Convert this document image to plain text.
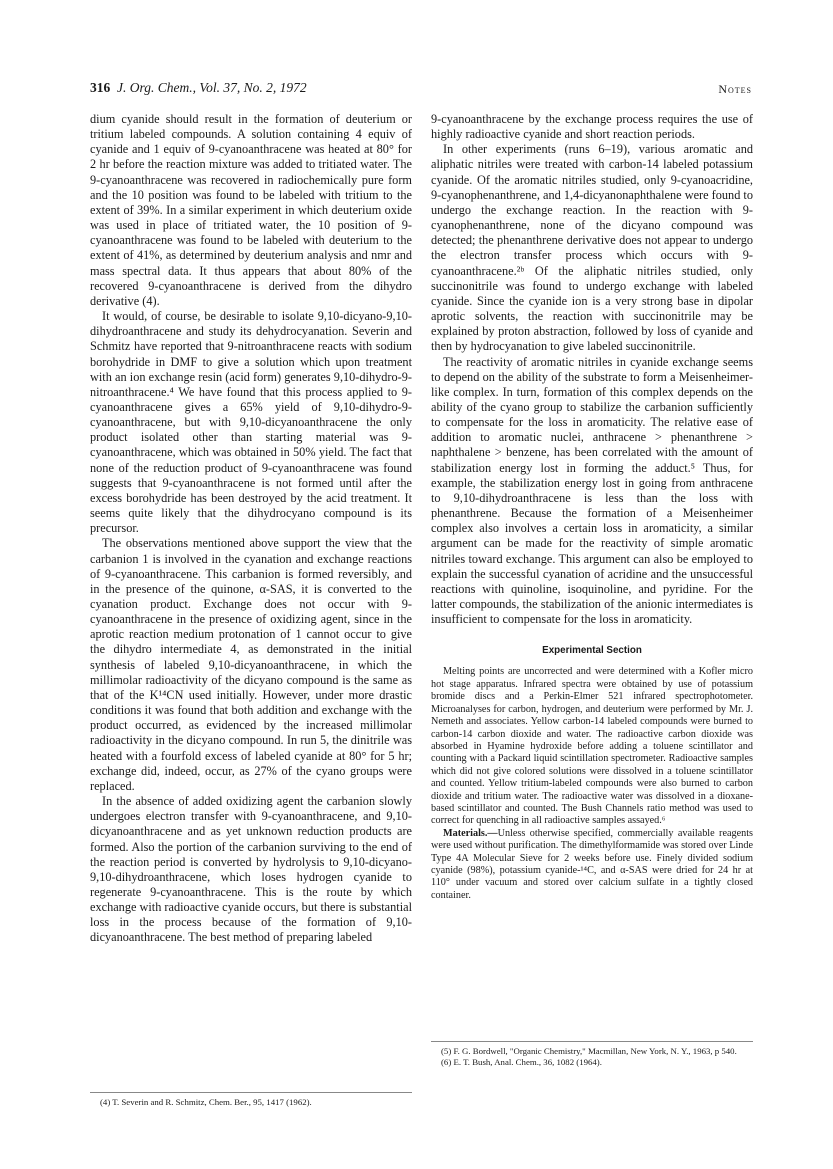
316 J. Org. Chem., Vol. 37, No. 2, 1972	Notes

dium cyanide should result in the formation of deuterium or tritium labeled compounds. A solution containing 4 equiv of cyanide and 1 equiv of 9-cyanoanthracene was heated at 80° for 2 hr before the reaction mixture was added to tritiated water. The 9-cyanoanthracene was recovered in radiochemically pure form and the 10 position was found to be labeled with tritium to the extent of 39%. In a similar experiment in which deuterium oxide was used in place of tritiated water, the 10 position of 9-cyanoanthracene was found to be labeled with deuterium to the extent of 41%, as determined by deuterium analysis and nmr and mass spectral data. It thus appears that about 80% of the recovered 9-cyanoanthracene is derived from the dihydro derivative (4).

It would, of course, be desirable to isolate 9,10-dicyano-9,10-dihydroanthracene and study its dehydrocyanation. Severin and Schmitz have reported that 9-nitroanthracene reacts with sodium borohydride in DMF to give a solution which upon treatment with an ion exchange resin (acid form) generates 9,10-dihydro-9-nitroanthracene.⁴ We have found that this process applied to 9-cyanoanthracene gives a 65% yield of 9,10-dihydro-9-cyanoanthracene, but with 9,10-dicyanoanthracene the only product isolated other than starting material was 9-cyanoanthracene, which was obtained in 50% yield. The fact that none of the reduction product of 9-cyanoanthracene was found suggests that 9-cyanoanthracene is not formed until after the excess borohydride has been destroyed by the acid treatment. It seems quite likely that the dihydrocyano compound is its precursor.

The observations mentioned above support the view that the carbanion 1 is involved in the cyanation and exchange reactions of 9-cyanoanthracene. This carbanion is formed reversibly, and in the presence of the quinone, α-SAS, it is converted to the cyanation product. Exchange does not occur with 9-cyanoanthracene in the presence of oxidizing agent, since in the aprotic reaction medium protonation of 1 cannot occur to give the dihydro intermediate 4, as demonstrated in the initial synthesis of labeled 9,10-dicyanoanthracene, in which the millimolar radioactivity of the dicyano compound is the same as that of the K¹⁴CN used initially. However, under more drastic conditions it was found that both addition and exchange with the product occurred, as evidenced by the increased millimolar radioactivity in the dicyano compound. In run 5, the dinitrile was heated with a fourfold excess of labeled cyanide at 80° for 5 hr; exchange did, indeed, occur, as 27% of the cyano groups were replaced.

In the absence of added oxidizing agent the carbanion slowly undergoes electron transfer with 9-cyanoanthracene, and 9,10-dicyanoanthracene and as yet unknown reduction products are formed. Also the portion of the carbanion surviving to the end of the reaction period is converted by hydrolysis to 9,10-dicyano-9,10-dihydroanthracene, which loses hydrogen cyanide to regenerate 9-cyanoanthracene. This is the route by which exchange with radioactive cyanide occurs, but there is substantial loss in the process because of the formation of 9,10-dicyanoanthracene. The best method of preparing labeled

9-cyanoanthracene by the exchange process requires the use of highly radioactive cyanide and short reaction periods.

In other experiments (runs 6–19), various aromatic and aliphatic nitriles were treated with carbon-14 labeled potassium cyanide. Of the aromatic nitriles studied, only 9-cyanoacridine, 9-cyanophenanthrene, and 1,4-dicyanonaphthalene were found to undergo the exchange reaction. In the reaction with 9-cyanophenanthrene, none of the dicyano compound was detected; the phenanthrene derivative does not appear to undergo the electron transfer process which occurs with 9-cyanoanthracene.²ᵇ Of the aliphatic nitriles studied, only succinonitrile was found to undergo exchange with labeled cyanide. Since the cyanide ion is a very strong base in dipolar aprotic solvents, the reaction with succinonitrile may be explained by proton abstraction, followed by loss of cyanide and then by hydrocyanation to give labeled succinonitrile.

The reactivity of aromatic nitriles in cyanide exchange seems to depend on the ability of the substrate to form a Meisenheimer-like complex. In turn, formation of this complex depends on the ability of the cyano group to stabilize the carbanion sufficiently to compensate for the loss in aromaticity. The relative ease of addition to aromatic nuclei, anthracene > phenanthrene > naphthalene > benzene, has been correlated with the amount of stabilization energy lost in forming the adduct.⁵ Thus, for example, the stabilization energy lost in going from anthracene to 9,10-dihydroanthracene is less than the loss with phenanthrene. Because the formation of a Meisenheimer complex also involves a certain loss in aromaticity, a similar argument can be made for the reactivity of simple aromatic nitriles toward exchange. This argument can also be employed to explain the successful cyanation of acridine and the unsuccessful reactions with quinoline, isoquinoline, and pyridine. For the latter compounds, the stabilization of the anionic intermediates is insufficient to compensate for the loss in aromaticity.

Experimental Section

Melting points are uncorrected and were determined with a Kofler micro hot stage apparatus. Infrared spectra were obtained by use of potassium bromide discs and a Perkin-Elmer 521 infrared spectrophotometer. Microanalyses for carbon, hydrogen, and deuterium were performed by Mr. J. Nemeth and associates. Yellow carbon-14 labeled compounds were burned to carbon-14 carbon dioxide and water. The radioactive carbon dioxide was absorbed in Hyamine hydroxide before adding a toluene scintillator and counting with a Packard liquid scintillation spectrometer. Radioactive samples which did not give colored solutions were dissolved in a toluene scintillator and counted. Yellow tritium-labeled compounds were also burned to carbon dioxide and tritium water. The radioactive water was dissolved in a dioxane-based scintillator and counted. The Bush Channels ratio method was used to correct for quenching in all radioactive samples assayed.⁶

Materials.—Unless otherwise specified, commercially available reagents were used without purification. The dimethylformamide was stored over Linde Type 4A Molecular Sieve for 2 weeks before use. Finely divided sodium cyanide (98%), potassium cyanide-¹⁴C, and α-SAS were dried for 24 hr at 110° under vacuum and stored over calcium sulfate in a tightly closed container.

(4) T. Severin and R. Schmitz, Chem. Ber., 95, 1417 (1962).

(5) F. G. Bordwell, "Organic Chemistry," Macmillan, New York, N. Y., 1963, p 540.

(6) E. T. Bush, Anal. Chem., 36, 1082 (1964).
